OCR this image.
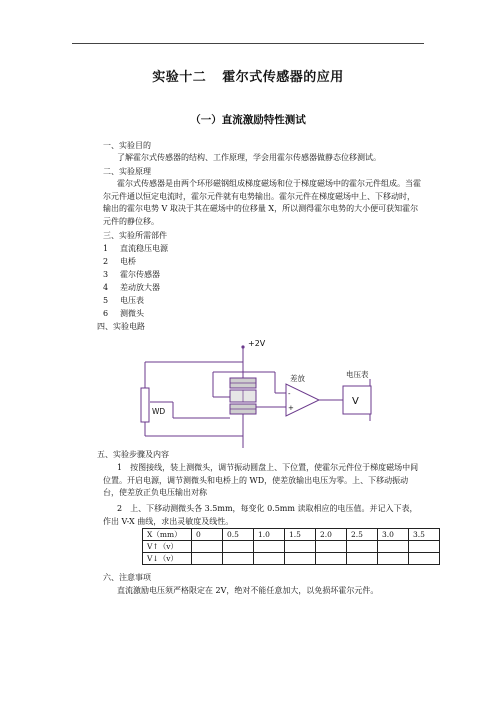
实验十二 霍尔式传感器的应用
（一）直流激励特性测试
一、实验目的
了解霍尔式传感器的结构、工作原理，学会用霍尔传感器做静态位移测试。
二、实验原理
霍尔式传感器是由两个环形磁钢组成梯度磁场和位于梯度磁场中的霍尔元件组成。当霍尔元件通以恒定电流时，霍尔元件就有电势输出。霍尔元件在梯度磁场中上、下移动时，输出的霍尔电势 V 取决于其在磁场中的位移量 X，所以测得霍尔电势的大小便可获知霍尔元件的静位移。
三、实验所需部件
1 直流稳压电源
2 电桥
3 霍尔传感器
4 差动放大器
5 电压表
6 测微头
四、实验电路
+2V
差放
-
+
电压表
V
WD
五、实验步骤及内容
1　按图接线，装上测微头，调节振动圆盘上、下位置，使霍尔元件位于梯度磁场中间位置。开启电源，调节测微头和电桥上的 WD，使差放输出电压为零。上、下移动振动台，使差放正负电压输出对称
2　上、下移动测微头各 3.5mm，每变化 0.5mm 读取相应的电压值。并记入下表，作出 V-X 曲线，求出灵敏度及线性。
X（mm）	0	0.5	1.0	1.5	2.0	2.5	3.0	3.5
V↑（v）								
V↓（v）								
六、注意事项
直流激励电压须严格限定在 2V，绝对不能任意加大，以免损坏霍尔元件。
